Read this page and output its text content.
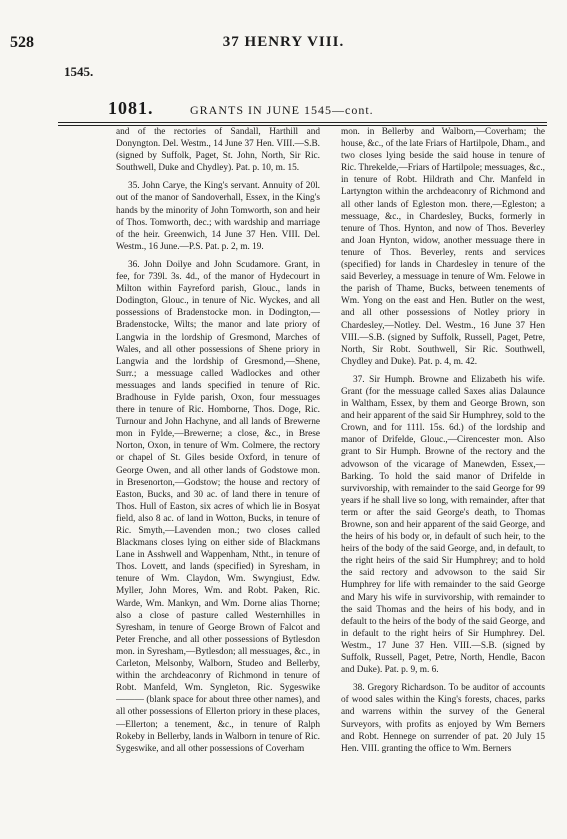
528	37 HENRY VIII.
1545.
1081.	GRANTS IN JUNE 1545—cont.

and of the rectories of Sandall, Harthill and Donyngton. Del. Westm., 14 June 37 Hen. VIII.—S.B. (signed by Suffolk, Paget, St. John, North, Sir Ric. Southwell, Duke and Chydley). Pat. p. 10, m. 15.

35. John Carye, the King's servant. Annuity of 20l. out of the manor of Sandoverhall, Essex, in the King's hands by the minority of John Tomworth, son and heir of Thos. Tomworth, dec.; with wardship and marriage of the heir. Greenwich, 14 June 37 Hen. VIII. Del. Westm., 16 June.—P.S. Pat. p. 2, m. 19.

36. John Doilye and John Scudamore. Grant, in fee, for 739l. 3s. 4d., of the manor of Hydecourt in Milton within Fayreford parish, Glouc., lands in Dodington, Glouc., in tenure of Nic. Wyckes, and all possessions of Bradenstocke mon. in Dodington,—Bradenstocke, Wilts; the manor and late priory of Langwia in the lordship of Gresmond, Marches of Wales, and all other possessions of Shene priory in Langwia and the lordship of Gresmond,—Shene, Surr.; a messuage called Wadlockes and other messuages and lands specified in tenure of Ric. Bradhouse in Fylde parish, Oxon, four messuages there in tenure of Ric. Homborne, Thos. Doge, Ric. Turnour and John Hachyne, and all lands of Brewerne mon in Fylde,—Brewerne; a close, &c., in Brese Norton, Oxon, in tenure of Wm. Colmere, the rectory or chapel of St. Giles beside Oxford, in tenure of George Owen, and all other lands of Godstowe mon. in Bresenorton,—Godstow; the house and rectory of Easton, Bucks, and 30 ac. of land there in tenure of Thos. Hull of Easton, six acres of which lie in Bosyat field, also 8 ac. of land in Wotton, Bucks, in tenure of Ric. Smyth,—Lavenden mon.; two closes called Blackmans closes lying on either side of Blackmans Lane in Asshwell and Wappenham, Ntht., in tenure of Thos. Lovett, and lands (specified) in Syresham, in tenure of Wm. Claydon, Wm. Swyngiust, Edw. Myller, John Mores, Wm. and Robt. Paken, Ric. Warde, Wm. Mankyn, and Wm. Dorne alias Thorne; also a close of pasture called Westernhilles in Syresham, in tenure of George Brown of Falcot and Peter Frenche, and all other possessions of Bytlesdon mon. in Syresham,—Bytlesdon; all messuages, &c., in Carleton, Melsonby, Walborn, Studeo and Bellerby, within the archdeaconry of Richmond in tenure of Robt. Manfeld, Wm. Syngleton, Ric. Sygeswike ——— (blank space for about three other names), and all other possessions of Ellerton priory in these places,—Ellerton; a tenement, &c., in tenure of Ralph Rokeby in Bellerby, lands in Walborn in tenure of Ric. Sygeswike, and all other possessions of Coverham

mon. in Bellerby and Walborn,—Coverham; the house, &c., of the late Friars of Hartilpole, Dham., and two closes lying beside the said house in tenure of Ric. Threkelde,—Friars of Hartilpole; messuages, &c., in tenure of Robt. Hildrath and Chr. Manfeld in Lartyngton within the archdeaconry of Richmond and all other lands of Egleston mon. there,—Egleston; a messuage, &c., in Chardesley, Bucks, formerly in tenure of Thos. Hynton, and now of Thos. Beverley and Joan Hynton, widow, another messuage there in tenure of Thos. Beverley, rents and services (specified) for lands in Chardesley in tenure of the said Beverley, a messuage in tenure of Wm. Felowe in the parish of Thame, Bucks, between tenements of Wm. Yong on the east and Hen. Butler on the west, and all other possessions of Notley priory in Chardesley,—Notley. Del. Westm., 16 June 37 Hen VIII.—S.B. (signed by Suffolk, Russell, Paget, Petre, North, Sir Robt. Southwell, Sir Ric. Southwell, Chydley and Duke). Pat. p. 4, m. 42.

37. Sir Humph. Browne and Elizabeth his wife. Grant (for the messuage called Saxes alias Dalaunce in Waltham, Essex, by them and George Brown, son and heir apparent of the said Sir Humphrey, sold to the Crown, and for 111l. 15s. 6d.) of the lordship and manor of Drifelde, Glouc.,—Cirencester mon. Also grant to Sir Humph. Browne of the rectory and the advowson of the vicarage of Manewden, Essex,—Barking. To hold the said manor of Drifelde in survivorship, with remainder to the said George for 99 years if he shall live so long, with remainder, after that term or after the said George's death, to Thomas Browne, son and heir apparent of the said George, and the heirs of his body or, in default of such heir, to the heirs of the body of the said George, and, in default, to the right heirs of the said Sir Humphrey; and to hold the said rectory and advowson to the said Sir Humphrey for life with remainder to the said George and Mary his wife in survivorship, with remainder to the said Thomas and the heirs of his body, and in default to the heirs of the body of the said George, and in default to the right heirs of Sir Humphrey. Del. Westm., 17 June 37 Hen. VIII.—S.B. (signed by Suffolk, Russell, Paget, Petre, North, Hendle, Bacon and Duke). Pat. p. 9, m. 6.

38. Gregory Richardson. To be auditor of accounts of wood sales within the King's forests, chaces, parks and warrens within the survey of the General Surveyors, with profits as enjoyed by Wm Berners and Robt. Hennege on surrender of pat. 20 July 15 Hen. VIII. granting the office to Wm. Berners
